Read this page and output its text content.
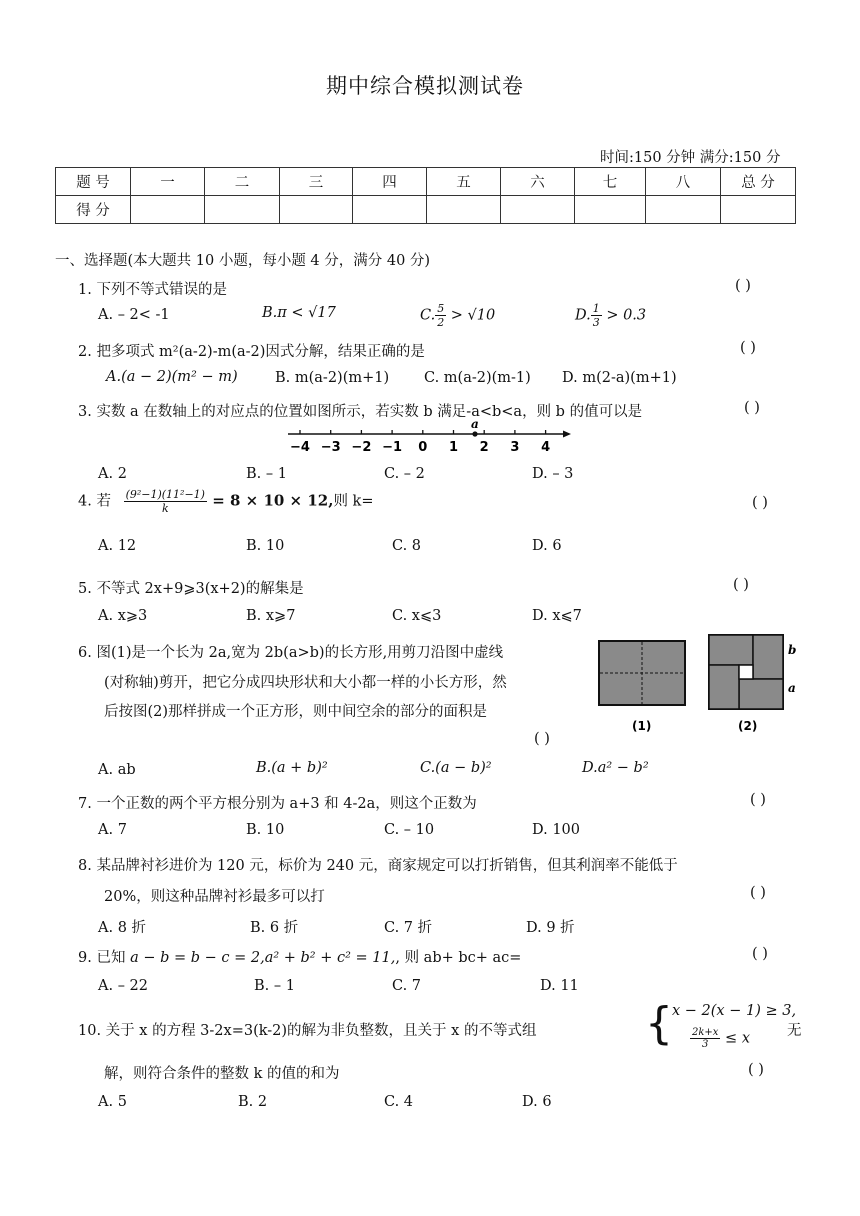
期中综合模拟测试卷
时间:150 分钟 满分:150 分
题 号	一	二	三	四	五	六	七	八	总 分
得 分									
一、选择题(本大题共 10 小题，每小题 4 分，满分 40 分)
1. 下列不等式错误的是	( )
A. – 2< -1	B.π < √17	C. $\frac{5}{2} > √10$	D. $\frac{1}{3} > 0.3$
2. 把多项式 m²(a-2)-m(a-2)因式分解，结果正确的是	( )
A.(a − 2)(m² − m)	B. m(a-2)(m+1) C. m(a-2)(m-1) D. m(2-a)(m+1)
3. 实数 a 在数轴上的对应点的位置如图所示，若实数 b 满足-a<b<a，则 b 的值可以是	( )
−4 −3 −2 −1 0 1 2 3 4
a
A. 2	B. – 1	C. – 2	D. – 3
4. 若 $\frac{\text{(9²−1)(11²−1)}}{k} = 8 \times 10 \times 12$,则 k=	( )
A. 12	B. 10	C. 8	D. 6
5. 不等式 2x+9⩾3(x+2)的解集是	( )
A. x⩾3	B. x⩾7	C. x⩽3	D. x⩽7
6. 图(1)是一个长为 2a,宽为 2b(a>b)的长方形,用剪刀沿图中虚线
(对称轴)剪开，把它分成四块形状和大小都一样的小长方形，然
后按图(2)那样拼成一个正方形，则中间空余的部分的面积是
( )
(1)
b
a
(2)
A. ab	B.(a + b)²	C.(a − b)²	D.a² − b²
7. 一个正数的两个平方根分别为 a+3 和 4-2a，则这个正数为	( )
A. 7	B. 10	C. – 10	D. 100
8. 某品牌衬衫进价为 120 元，标价为 240 元，商家规定可以打折销售，但其利润率不能低于
20%，则这种品牌衬衫最多可以打	( )
A. 8 折	B. 6 折	C. 7 折	D. 9 折
9. 已知 a − b = b − c = 2,a² + b² + c² = 11,, 则 ab+ bc+ ac=	( )
A. – 22	B. – 1	C. 7	D. 11
10. 关于 x 的方程 3-2x=3(k-2)的解为非负整数，且关于 x 的不等式组 { x − 2(x − 1) ≥ 3,
$\frac{2k+x}{3} \le x$	无
解，则符合条件的整数 k 的值的和为	( )
A. 5	B. 2	C. 4	D. 6
